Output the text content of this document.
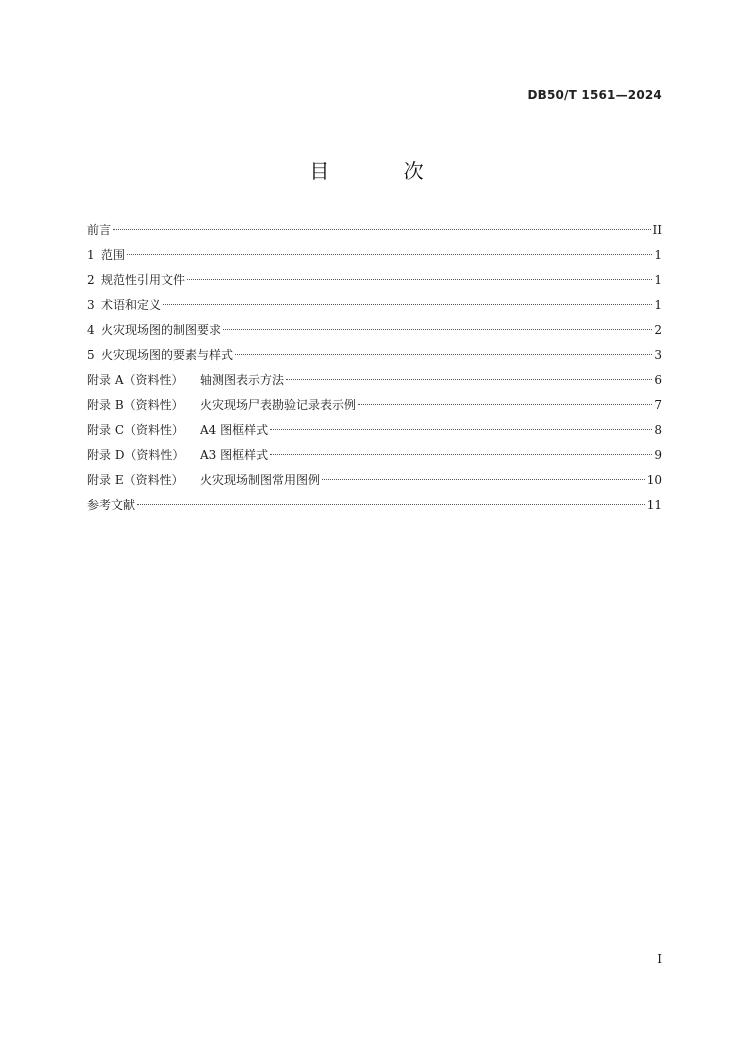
DB50/T 1561—2024
目 次
前言	II
1 范围	1
2 规范性引用文件	1
3 术语和定义	1
4 火灾现场图的制图要求	2
5 火灾现场图的要素与样式	3
附录 A（资料性） 轴测图表示方法	6
附录 B（资料性） 火灾现场尸表勘验记录表示例	7
附录 C（资料性） A4 图框样式	8
附录 D（资料性） A3 图框样式	9
附录 E（资料性） 火灾现场制图常用图例	10
参考文献	11
I
